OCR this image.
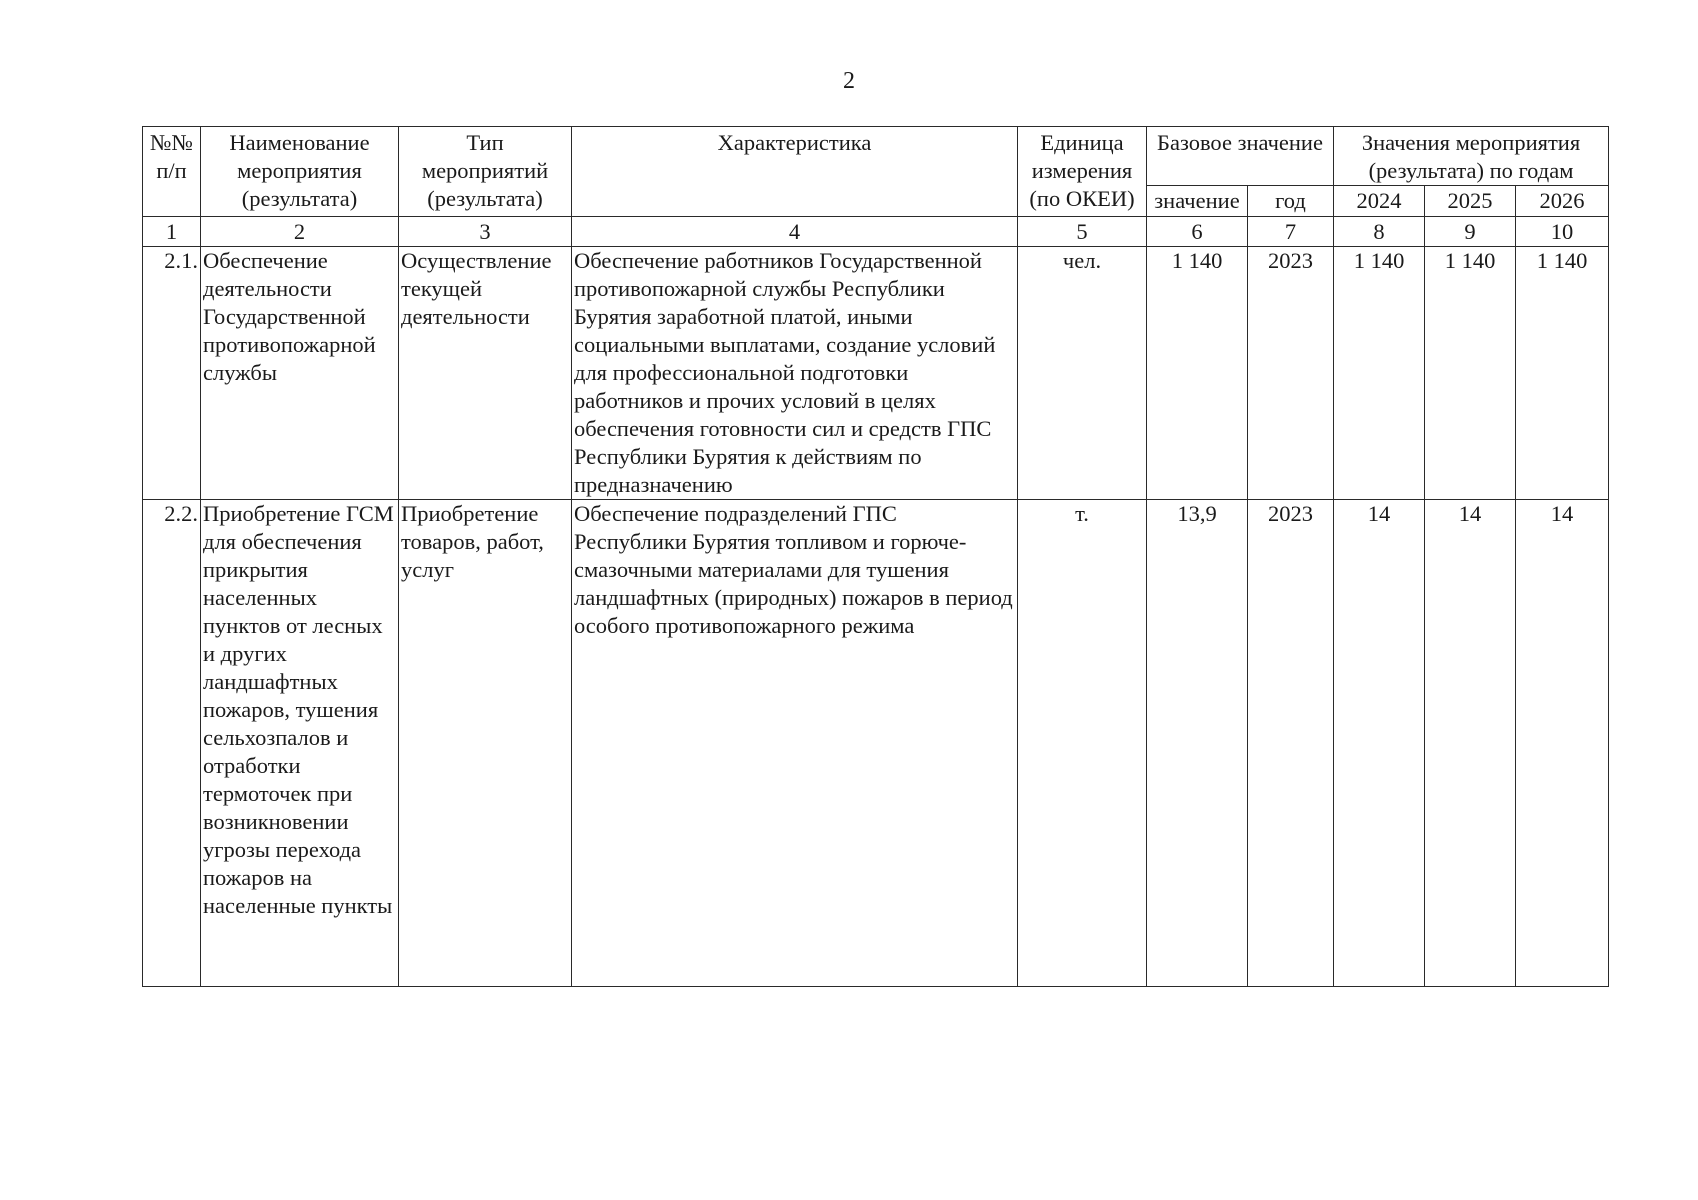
2
№№ п/п	Наименование мероприятия (результата)	Тип мероприятий (результата)	Характеристика	Единица измерения (по ОКЕИ)	Базовое значение		Значения мероприятия (результата) по годам		
					значение	год	2024	2025	2026
1	2	3	4	5	6	7	8	9	10
2.1.	Обеспечение деятельности Государственной противопожарной службы	Осуществление текущей деятельности	Обеспечение работников Государственной противопожарной службы Республики Бурятия заработной платой, иными социальными выплатами, создание условий для профессиональной подготовки работников и прочих условий в целях обеспечения готовности сил и средств ГПС Республики Бурятия к действиям по предназначению	чел.	1 140	2023	1 140	1 140	1 140
2.2.	Приобретение ГСМ для обеспечения прикрытия населенных пунктов от лесных и других ландшафтных пожаров, тушения сельхозпалов и отработки термоточек при возникновении угрозы перехода пожаров на населенные пункты	Приобретение товаров, работ, услуг	Обеспечение подразделений ГПС Республики Бурятия топливом и горюче-смазочными материалами для тушения ландшафтных (природных) пожаров в период особого противопожарного режима	т.	13,9	2023	14	14	14
